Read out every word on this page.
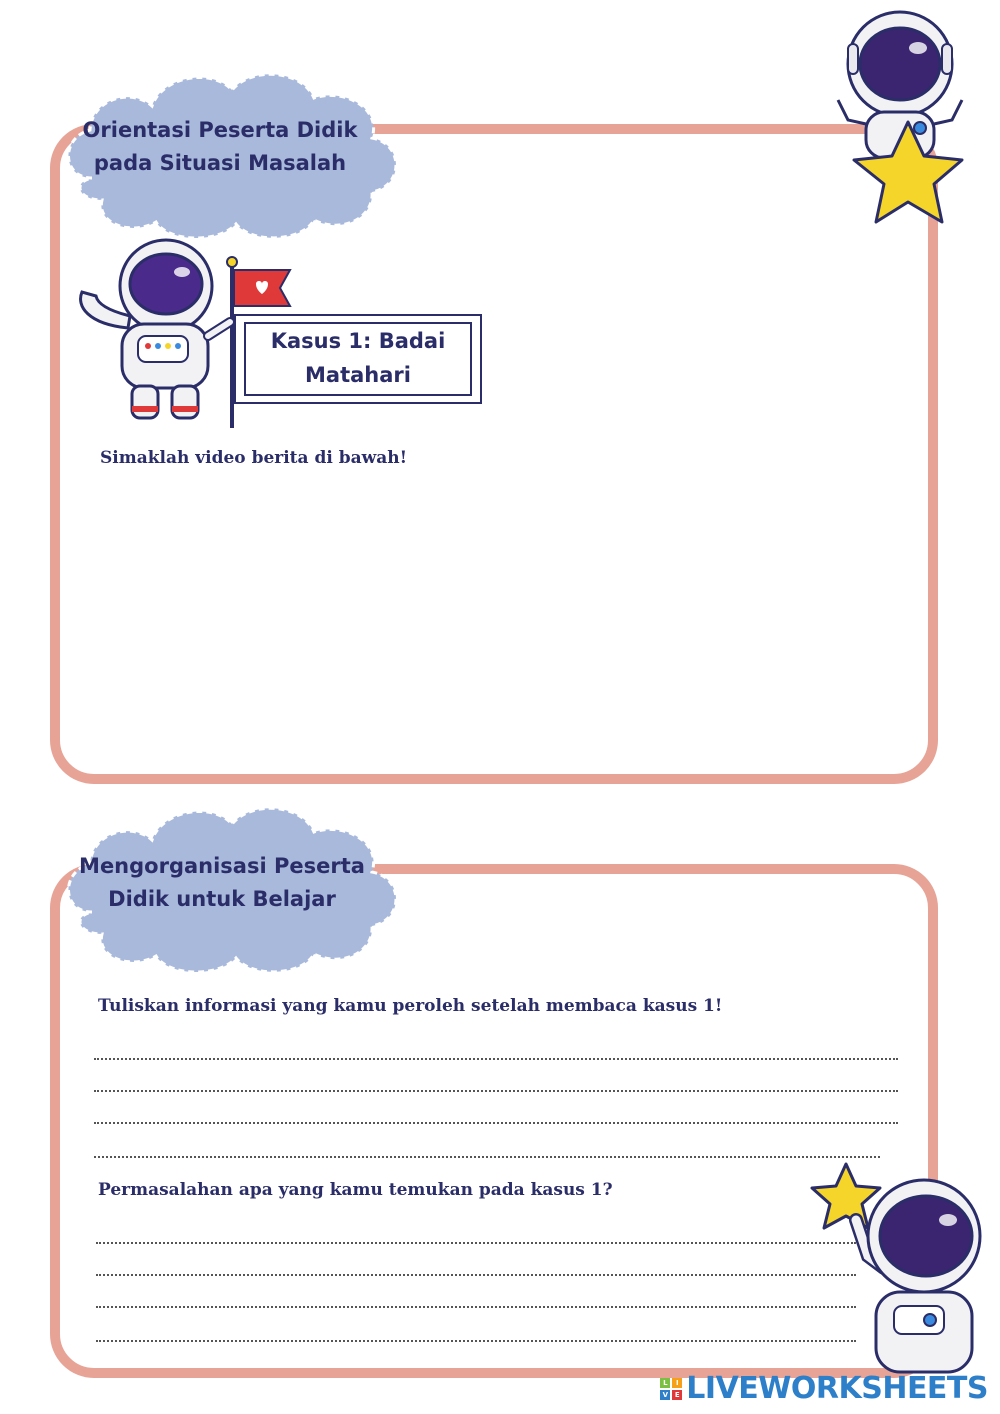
Orientasi Peserta Didik
pada Situasi Masalah
Kasus 1: Badai
Matahari
Simaklah video berita di bawah!
Mengorganisasi Peserta
Didik untuk Belajar
Tuliskan informasi yang kamu peroleh setelah membaca kasus 1!
Permasalahan apa yang kamu temukan pada kasus 1?
L	I
V E LIVEWORKSHEETS
